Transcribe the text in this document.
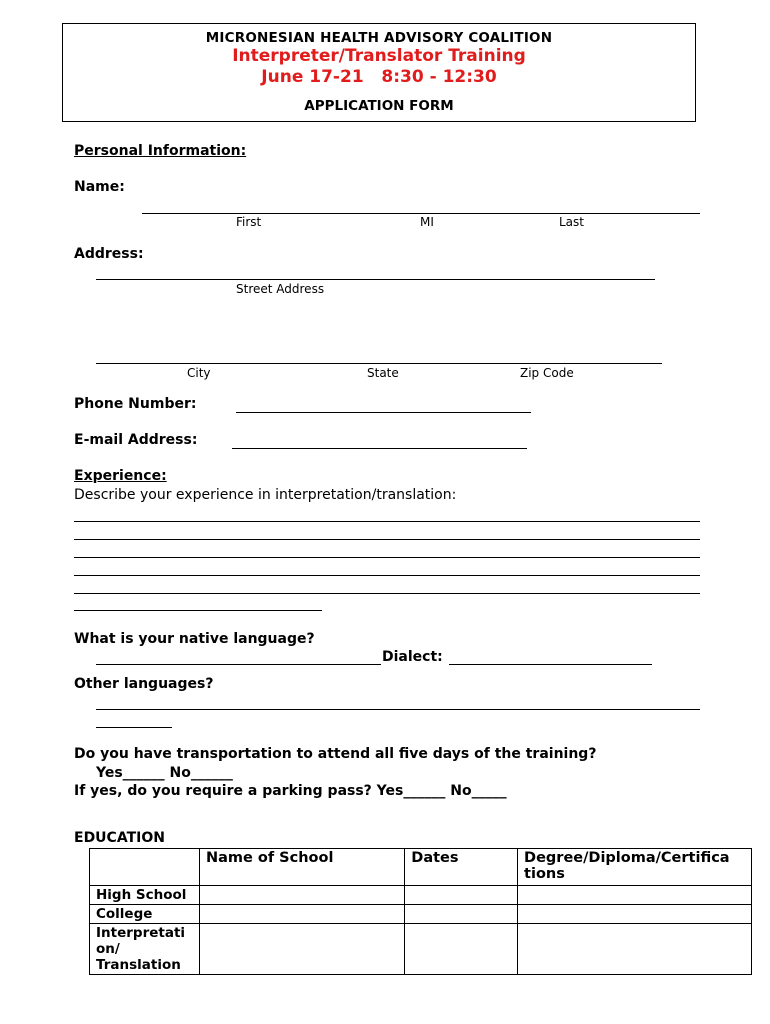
MICRONESIAN HEALTH ADVISORY COALITION
Interpreter/Translator Training
June 17-21   8:30 - 12:30
APPLICATION FORM
Personal Information:
Name:
First	MI	Last
Address:
Street Address
City	State	Zip Code
Phone Number:
E-mail Address:
Experience:
Describe your experience in interpretation/translation:
What is your native language?
Dialect:
Other languages?
Do you have transportation to attend all five days of the training?
Yes______ No______
If yes, do you require a parking pass? Yes______ No_____
EDUCATION
	Name of School	Dates	Degree/Diploma/Certifica tions
High School			
College			
Interpretati on/ Translation			
